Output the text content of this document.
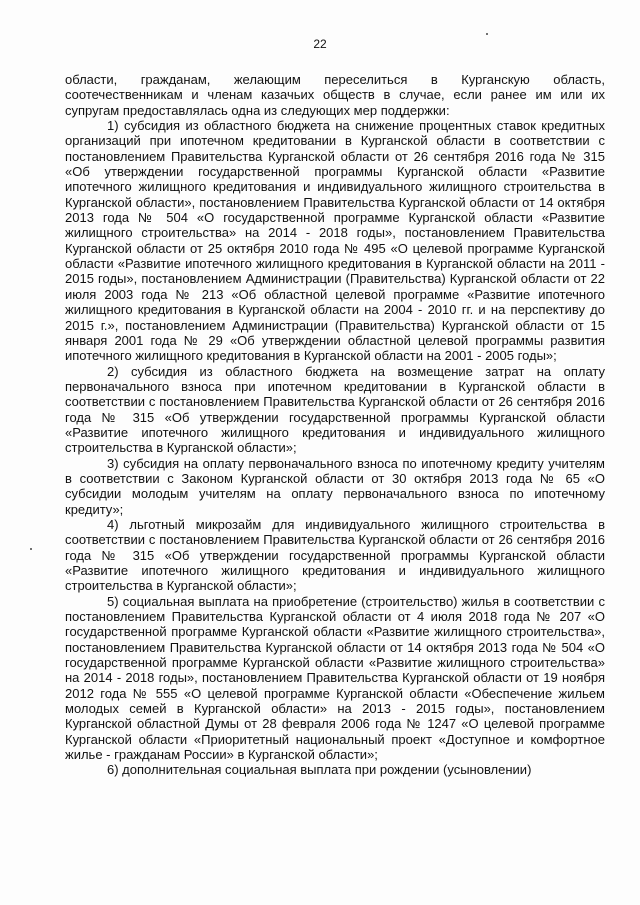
22

области, гражданам, желающим переселиться в Курганскую область, соотечественникам и членам казачьих обществ в случае, если ранее им или их супругам предоставлялась одна из следующих мер поддержки:

1) субсидия из областного бюджета на снижение процентных ставок кредитных организаций при ипотечном кредитовании в Курганской области в соответствии с постановлением Правительства Курганской области от 26 сентября 2016 года № 315 «Об утверждении государственной программы Курганской области «Развитие ипотечного жилищного кредитования и индивидуального жилищного строительства в Курганской области», постановлением Правительства Курганской области от 14 октября 2013 года № 504 «О государственной программе Курганской области «Развитие жилищного строительства» на 2014 - 2018 годы», постановлением Правительства Курганской области от 25 октября 2010 года № 495 «О целевой программе Курганской области «Развитие ипотечного жилищного кредитования в Курганской области на 2011 - 2015 годы», постановлением Администрации (Правительства) Курганской области от 22 июля 2003 года № 213 «Об областной целевой программе «Развитие ипотечного жилищного кредитования в Курганской области на 2004 - 2010 гг. и на перспективу до 2015 г.», постановлением Администрации (Правительства) Курганской области от 15 января 2001 года № 29 «Об утверждении областной целевой программы развития ипотечного жилищного кредитования в Курганской области на 2001 - 2005 годы»;

2) субсидия из областного бюджета на возмещение затрат на оплату первоначального взноса при ипотечном кредитовании в Курганской области в соответствии с постановлением Правительства Курганской области от 26 сентября 2016 года № 315 «Об утверждении государственной программы Курганской области «Развитие ипотечного жилищного кредитования и индивидуального жилищного строительства в Курганской области»;

3) субсидия на оплату первоначального взноса по ипотечному кредиту учителям в соответствии с Законом Курганской области от 30 октября 2013 года № 65 «О субсидии молодым учителям на оплату первоначального взноса по ипотечному кредиту»;

4) льготный микрозайм для индивидуального жилищного строительства в соответствии с постановлением Правительства Курганской области от 26 сентября 2016 года № 315 «Об утверждении государственной программы Курганской области «Развитие ипотечного жилищного кредитования и индивидуального жилищного строительства в Курганской области»;

5) социальная выплата на приобретение (строительство) жилья в соответствии с постановлением Правительства Курганской области от 4 июля 2018 года № 207 «О государственной программе Курганской области «Развитие жилищного строительства», постановлением Правительства Курганской области от 14 октября 2013 года № 504 «О государственной программе Курганской области «Развитие жилищного строительства» на 2014 - 2018 годы», постановлением Правительства Курганской области от 19 ноября 2012 года № 555 «О целевой программе Курганской области «Обеспечение жильем молодых семей в Курганской области» на 2013 - 2015 годы», постановлением Курганской областной Думы от 28 февраля 2006 года № 1247 «О целевой программе Курганской области «Приоритетный национальный проект «Доступное и комфортное жилье - гражданам России» в Курганской области»;

6) дополнительная социальная выплата при рождении (усыновлении)
